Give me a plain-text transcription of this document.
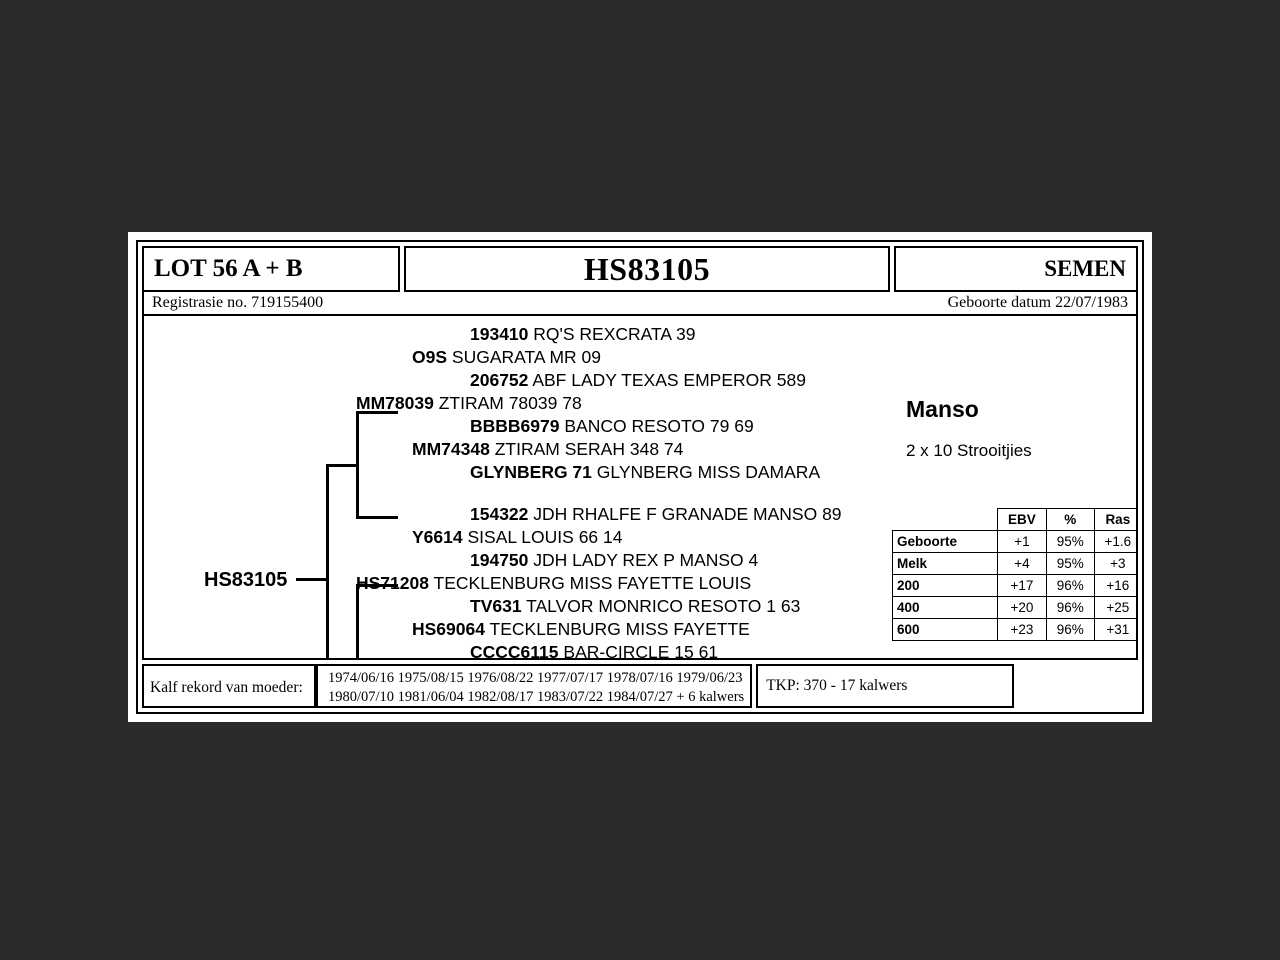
LOT 56 A + B	HS83105	SEMEN
Registrasie no. 719155400	Geboorte datum 22/07/1983
HS83105
193410 RQ'S REXCRATA 39
O9S SUGARATA MR 09
206752 ABF LADY TEXAS EMPEROR 589
MM78039 ZTIRAM 78039 78
BBBB6979 BANCO RESOTO 79 69
MM74348 ZTIRAM SERAH 348 74
GLYNBERG 71 GLYNBERG MISS DAMARA
154322 JDH RHALFE F GRANADE MANSO 89
Y6614 SISAL LOUIS 66 14
194750 JDH LADY REX P MANSO 4
HS71208 TECKLENBURG MISS FAYETTE LOUIS
TV631 TALVOR MONRICO RESOTO 1 63
HS69064 TECKLENBURG MISS FAYETTE
CCCC6115 BAR-CIRCLE 15 61
Manso
2 x 10 Strooitjies
	EBV	%	Ras
Geboorte	+1	95%	+1.6
Melk	+4	95%	+3
200	+17	96%	+16
400	+20	96%	+25
600	+23	96%	+31
Kalf rekord van moeder:
1974/06/16 1975/08/15 1976/08/22 1977/07/17 1978/07/16 1979/06/23
1980/07/10 1981/06/04 1982/08/17 1983/07/22 1984/07/27 + 6 kalwers
TKP: 370 - 17 kalwers
